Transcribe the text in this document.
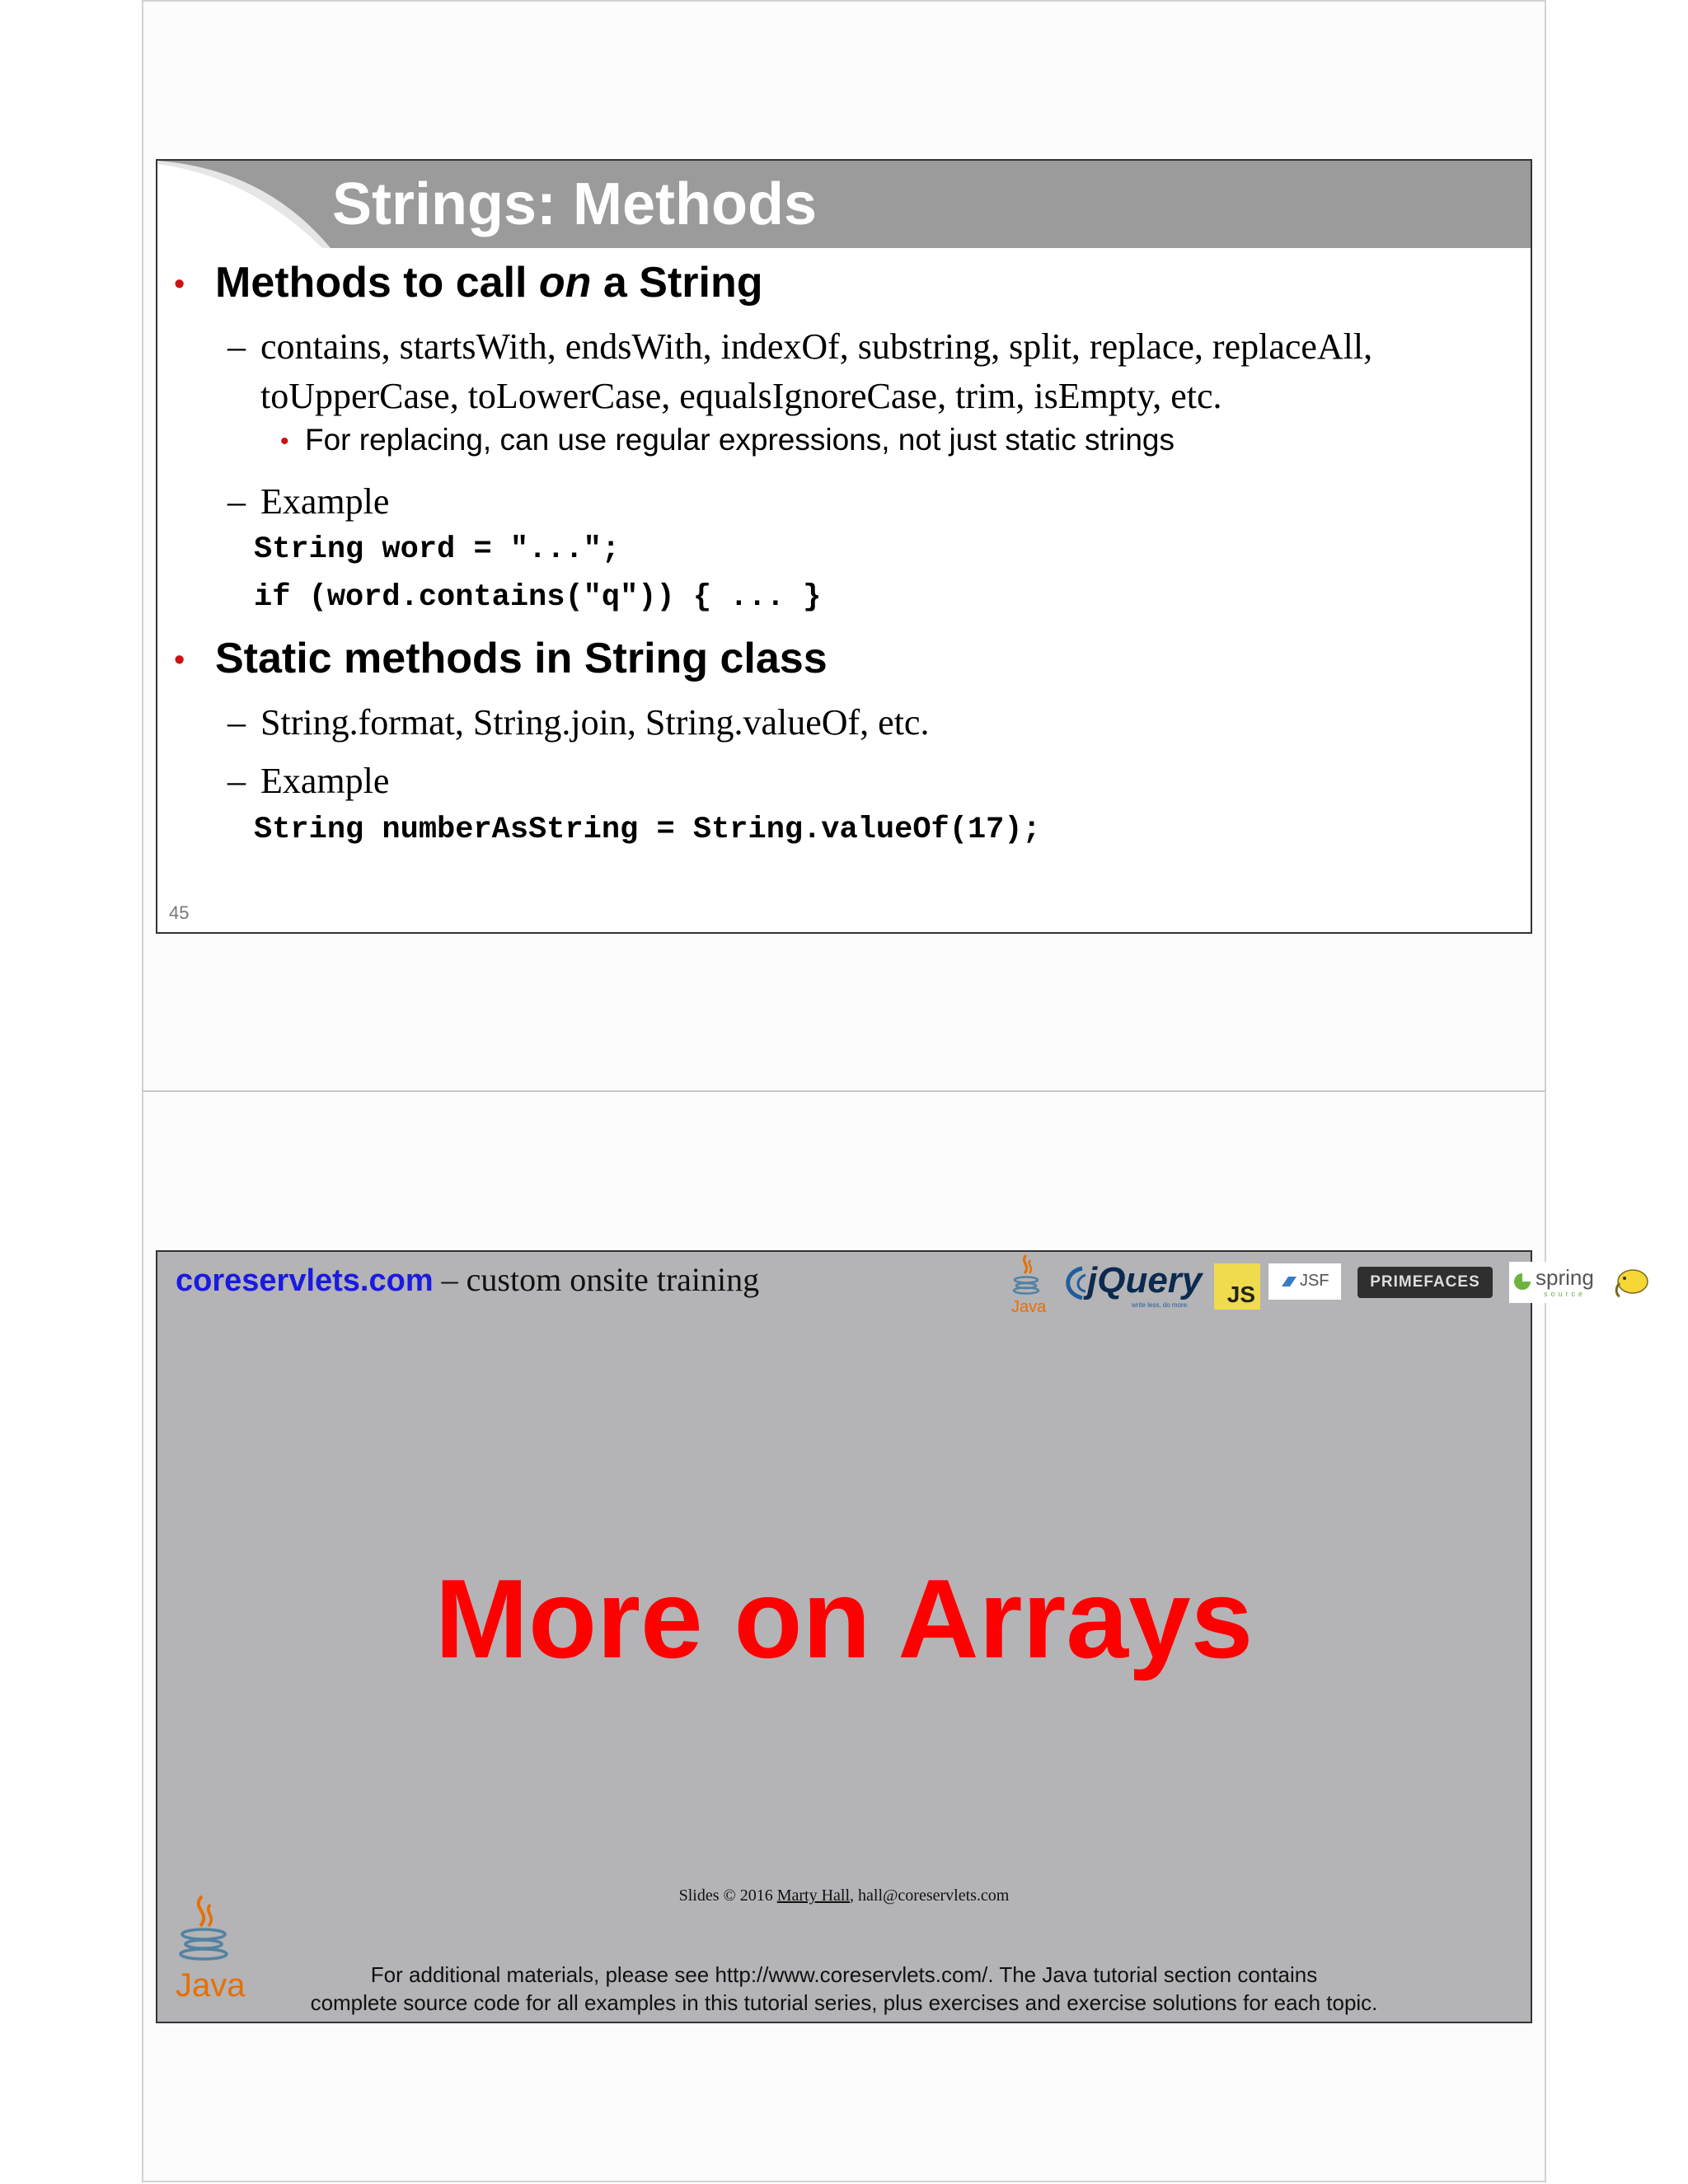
Strings: Methods
• Methods to call on a String
– contains, startsWith, endsWith, indexOf, substring, split, replace, replaceAll,
toUpperCase, toLowerCase, equalsIgnoreCase, trim, isEmpty, etc.
• For replacing, can use regular expressions, not just static strings
– Example
String word = "...";
if (word.contains("q")) { ... }
• Static methods in String class
– String.format, String.join, String.valueOf, etc.
– Example
String numberAsString = String.valueOf(17);
45
coreservlets.com – custom onsite training
Java
jQuery
write less, do more. JS
JSF	PRIMEFACES	spring
source
More on Arrays
Slides © 2016 Marty Hall, hall@coreservlets.com
For additional materials, please see http://www.coreservlets.com/. The Java tutorial section contains
complete source code for all examples in this tutorial series, plus exercises and exercise solutions for each topic.
Java
